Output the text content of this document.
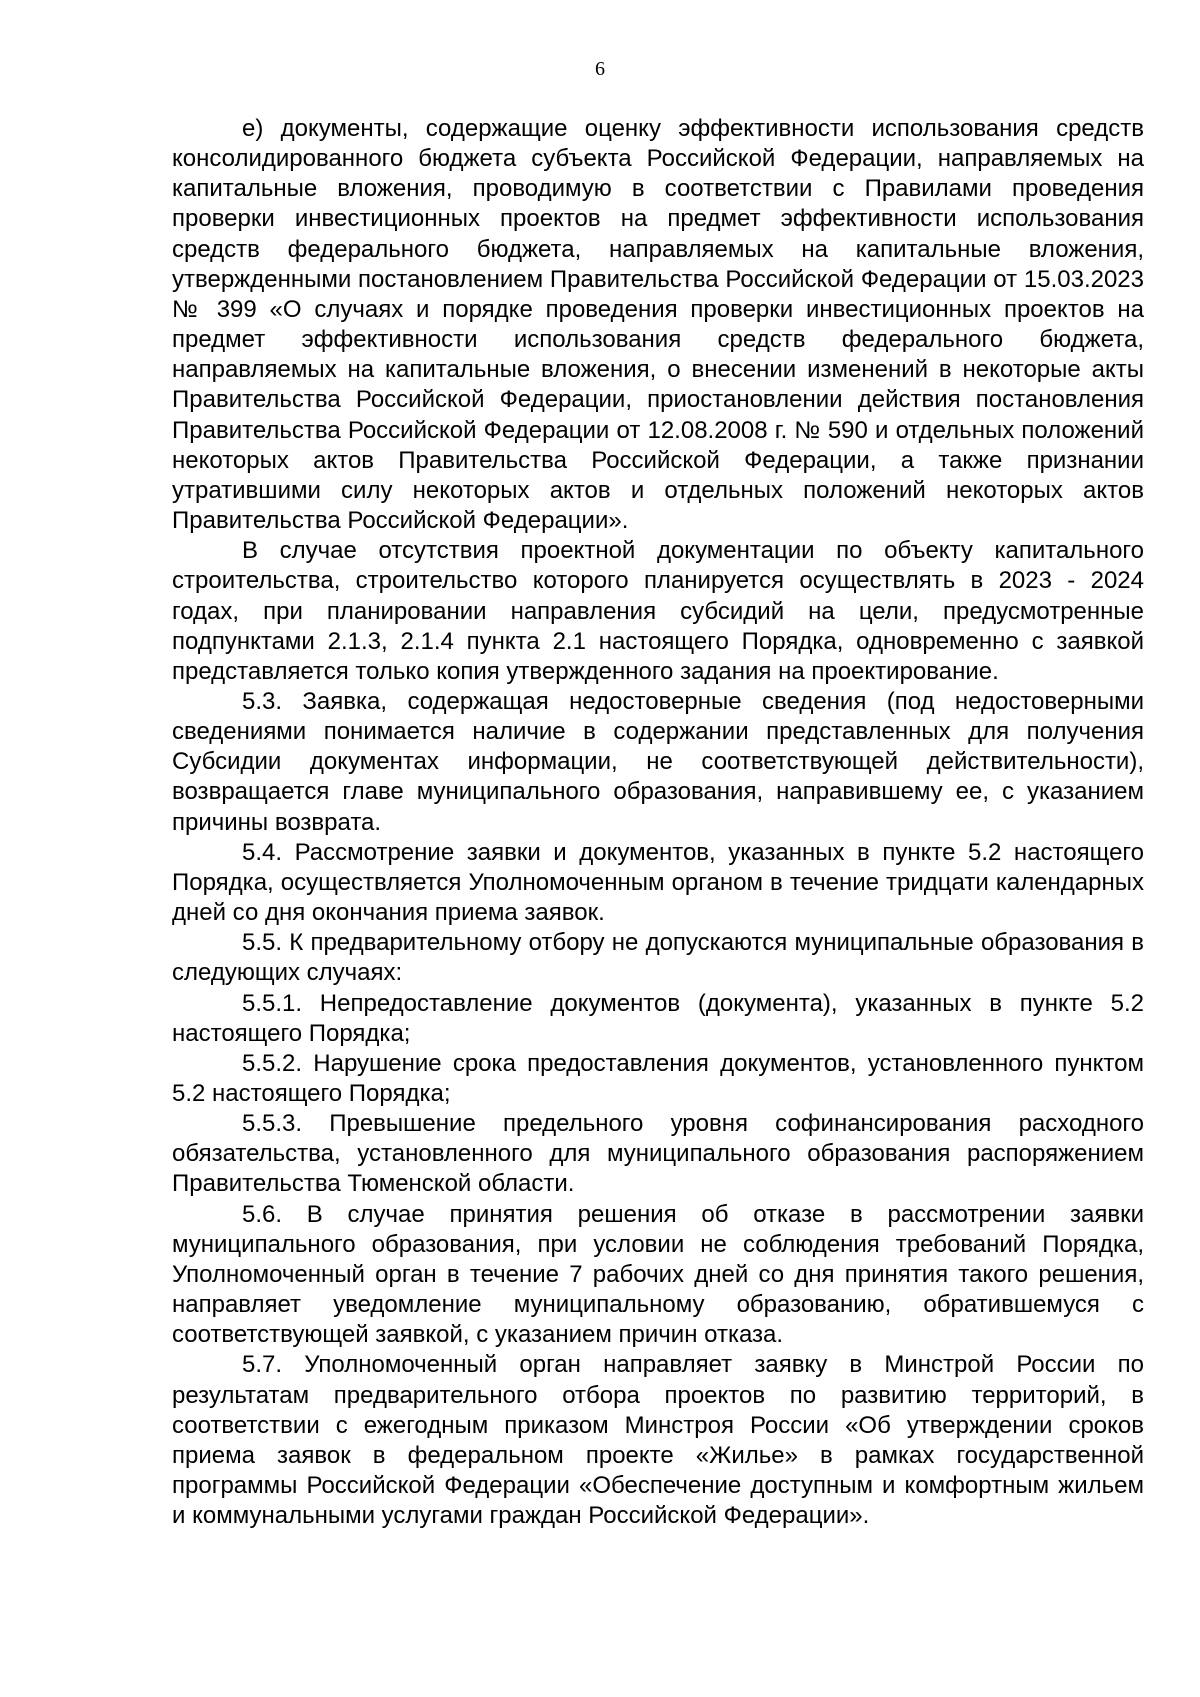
6

е) документы, содержащие оценку эффективности использования средств консолидированного бюджета субъекта Российской Федерации, направляемых на капитальные вложения, проводимую в соответствии с Правилами проведения проверки инвестиционных проектов на предмет эффективности использования средств федерального бюджета, направляемых на капитальные вложения, утвержденными постановлением Правительства Российской Федерации от 15.03.2023 № 399 «О случаях и порядке проведения проверки инвестиционных проектов на предмет эффективности использования средств федерального бюджета, направляемых на капитальные вложения, о внесении изменений в некоторые акты Правительства Российской Федерации, приостановлении действия постановления Правительства Российской Федерации от 12.08.2008 г. № 590 и отдельных положений некоторых актов Правительства Российской Федерации, а также признании утратившими силу некоторых актов и отдельных положений некоторых актов Правительства Российской Федерации».

В случае отсутствия проектной документации по объекту капитального строительства, строительство которого планируется осуществлять в 2023 - 2024 годах, при планировании направления субсидий на цели, предусмотренные подпунктами 2.1.3, 2.1.4 пункта 2.1 настоящего Порядка, одновременно с заявкой представляется только копия утвержденного задания на проектирование.

5.3. Заявка, содержащая недостоверные сведения (под недостоверными сведениями понимается наличие в содержании представленных для получения Субсидии документах информации, не соответствующей действительности), возвращается главе муниципального образования, направившему ее, с указанием причины возврата.

5.4. Рассмотрение заявки и документов, указанных в пункте 5.2 настоящего Порядка, осуществляется Уполномоченным органом в течение тридцати календарных дней со дня окончания приема заявок.

5.5. К предварительному отбору не допускаются муниципальные образования в следующих случаях:

5.5.1. Непредоставление документов (документа), указанных в пункте 5.2 настоящего Порядка;

5.5.2. Нарушение срока предоставления документов, установленного пунктом 5.2 настоящего Порядка;

5.5.3. Превышение предельного уровня софинансирования расходного обязательства, установленного для муниципального образования распоряжением Правительства Тюменской области.

5.6. В случае принятия решения об отказе в рассмотрении заявки муниципального образования, при условии не соблюдения требований Порядка, Уполномоченный орган в течение 7 рабочих дней со дня принятия такого решения, направляет уведомление муниципальному образованию, обратившемуся с соответствующей заявкой, с указанием причин отказа.

5.7. Уполномоченный орган направляет заявку в Минстрой России по результатам предварительного отбора проектов по развитию территорий, в соответствии с ежегодным приказом Минстроя России «Об утверждении сроков приема заявок в федеральном проекте «Жилье» в рамках государственной программы Российской Федерации «Обеспечение доступным и комфортным жильем и коммунальными услугами граждан Российской Федерации».
